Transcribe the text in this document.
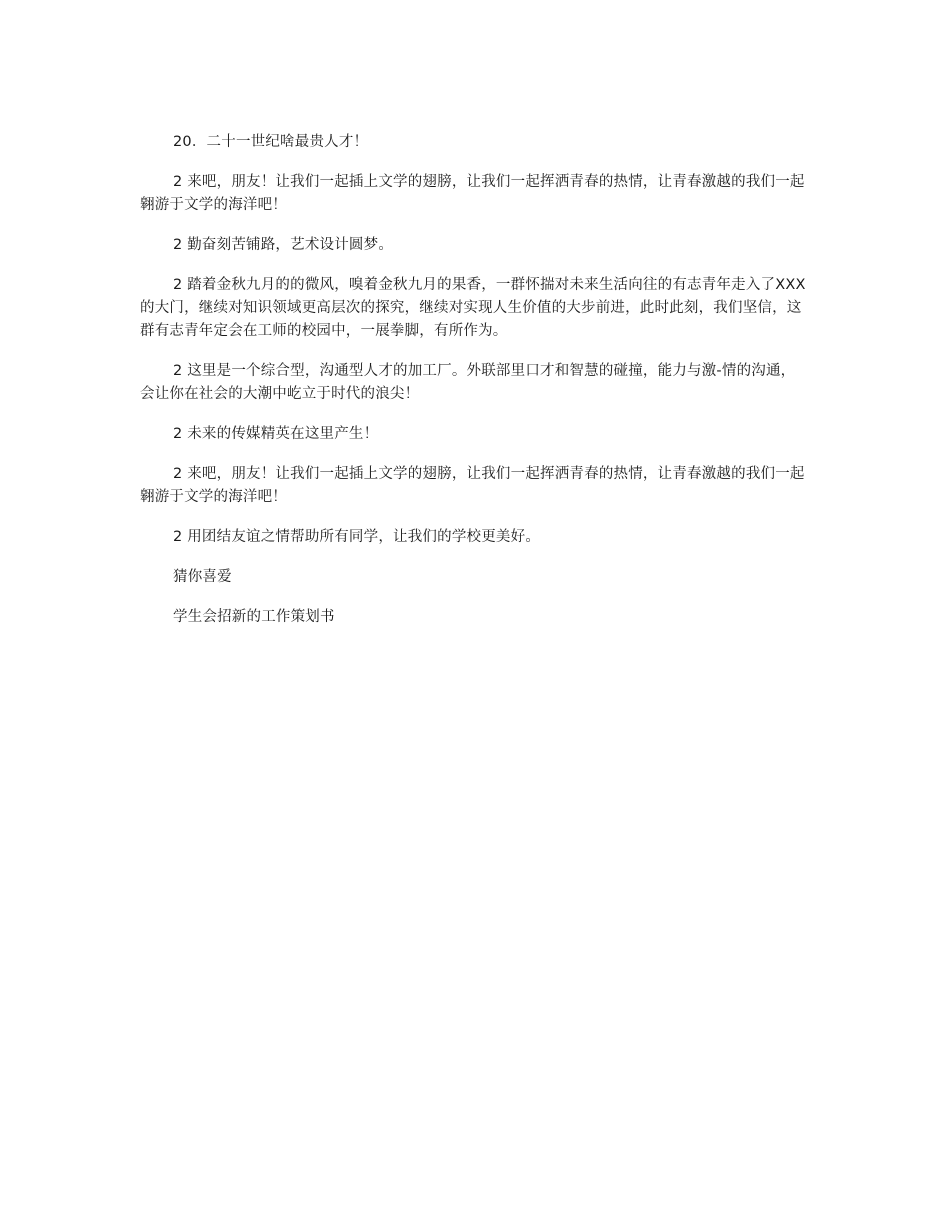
20．二十一世纪啥最贵人才！

2 来吧，朋友！让我们一起插上文学的翅膀，让我们一起挥洒青春的热情，让青春激越的我们一起翱游于文学的海洋吧！

2 勤奋刻苦铺路，艺术设计圆梦。

2 踏着金秋九月的的微风，嗅着金秋九月的果香，一群怀揣对未来生活向往的有志青年走入了XXX的大门，继续对知识领域更高层次的探究，继续对实现人生价值的大步前进，此时此刻，我们坚信，这群有志青年定会在工师的校园中，一展拳脚，有所作为。

2 这里是一个综合型，沟通型人才的加工厂。外联部里口才和智慧的碰撞，能力与激-情的沟通，会让你在社会的大潮中屹立于时代的浪尖！

2 未来的传媒精英在这里产生！

2 来吧，朋友！让我们一起插上文学的翅膀，让我们一起挥洒青春的热情，让青春激越的我们一起翱游于文学的海洋吧！

2 用团结友谊之情帮助所有同学，让我们的学校更美好。

猜你喜爱

学生会招新的工作策划书
